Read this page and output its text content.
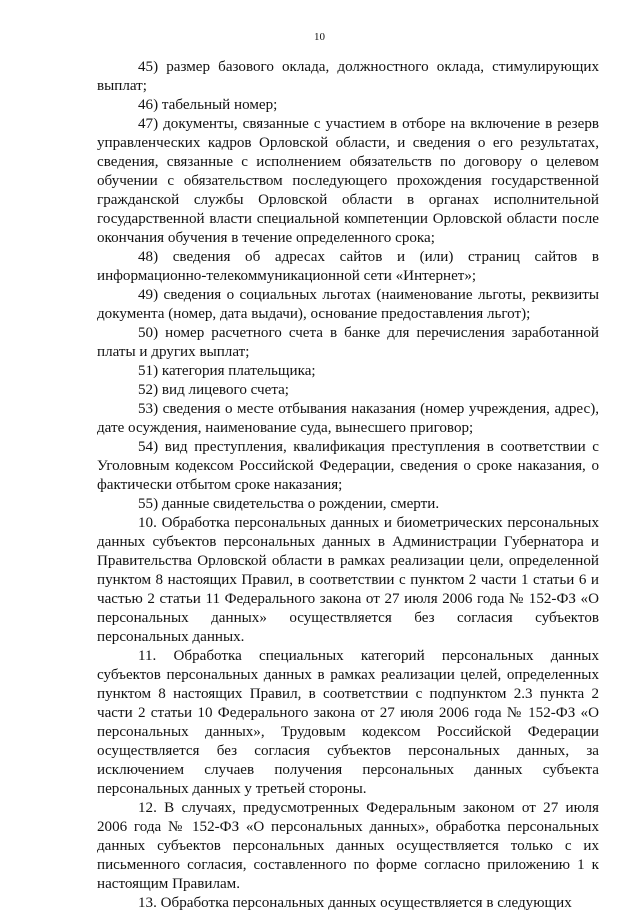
10

45) размер базового оклада, должностного оклада, стимулирующих выплат;

46) табельный номер;

47) документы, связанные с участием в отборе на включение в резерв управленческих кадров Орловской области, и сведения о его результатах, сведения, связанные с исполнением обязательств по договору о целевом обучении с обязательством последующего прохождения государственной гражданской службы Орловской области в органах исполнительной государственной власти специальной компетенции Орловской области после окончания обучения в течение определенного срока;

48) сведения об адресах сайтов и (или) страниц сайтов в информационно-телекоммуникационной сети «Интернет»;

49) сведения о социальных льготах (наименование льготы, реквизиты документа (номер, дата выдачи), основание предоставления льгот);

50) номер расчетного счета в банке для перечисления заработанной платы и других выплат;

51) категория плательщика;

52) вид лицевого счета;

53) сведения о месте отбывания наказания (номер учреждения, адрес), дате осуждения, наименование суда, вынесшего приговор;

54) вид преступления, квалификация преступления в соответствии с Уголовным кодексом Российской Федерации, сведения о сроке наказания, о фактически отбытом сроке наказания;

55) данные свидетельства о рождении, смерти.

10. Обработка персональных данных и биометрических персональных данных субъектов персональных данных в Администрации Губернатора и Правительства Орловской области в рамках реализации цели, определенной пунктом 8 настоящих Правил, в соответствии с пунктом 2 части 1 статьи 6 и частью 2 статьи 11 Федерального закона от 27 июля 2006 года № 152-ФЗ «О персональных данных» осуществляется без согласия субъектов персональных данных.

11. Обработка специальных категорий персональных данных субъектов персональных данных в рамках реализации целей, определенных пунктом 8 настоящих Правил, в соответствии с подпунктом 2.3 пункта 2 части 2 статьи 10 Федерального закона от 27 июля 2006 года № 152-ФЗ «О персональных данных», Трудовым кодексом Российской Федерации осуществляется без согласия субъектов персональных данных, за исключением случаев получения персональных данных субъекта персональных данных у третьей стороны.

12. В случаях, предусмотренных Федеральным законом от 27 июля 2006 года № 152-ФЗ «О персональных данных», обработка персональных данных субъектов персональных данных осуществляется только с их письменного согласия, составленного по форме согласно приложению 1 к настоящим Правилам.

13. Обработка персональных данных осуществляется в следующих
